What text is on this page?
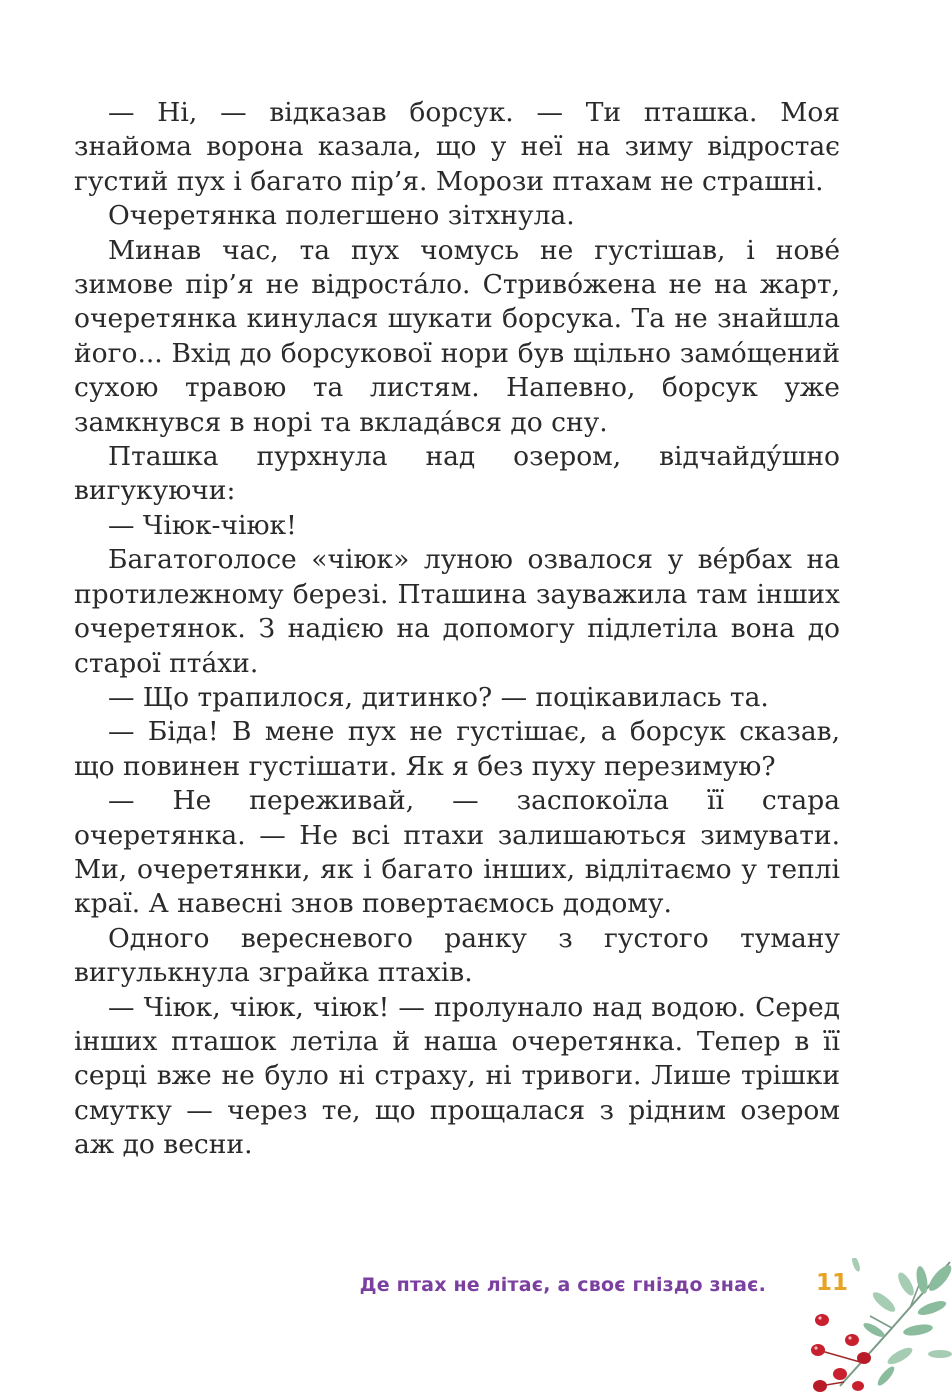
— Ні, — відказав борсук. — Ти пташка. Моя знайома ворона казала, що у неї на зиму відростає густий пух і багато пір’я. Морози птахам не страшні.

Очеретянка полегшено зітхнула.

Минав час, та пух чомусь не густішав, і нове́ зимове пір’я не відроста́ло. Стриво́жена не на жарт, очеретянка кинулася шукати борсука. Та не знайшла його... Вхід до борсукової нори був щільно замо́щений сухою травою та листям. Напевно, борсук уже замкнувся в норі та вклада́вся до сну.

Пташка пурхнула над озером, відчайду́шно вигукуючи:

— Чіюк-чіюк!

Багатоголосе «чіюк» луною озвалося у ве́рбах на протилежному березі. Пташина зауважила там інших очеретянок. З надією на допомогу підлетіла вона до старої пта́хи.

— Що трапилося, дитинко? — поцікавилась та.

— Біда! В мене пух не густішає, а борсук сказав, що повинен густішати. Як я без пуху перезимую?

— Не переживай, — заспокоїла її стара очеретянка. — Не всі птахи залишаються зимувати. Ми, очеретянки, як і багато інших, відлітаємо у теплі краї. А навесні знов повертаємось додому.

Одного вересневого ранку з густого туману вигулькнула зграйка птахів.

— Чіюк, чіюк, чіюк! — пролунало над водою. Серед інших пташок летіла й наша очеретянка. Тепер в її серці вже не було ні страху, ні тривоги. Лише трішки смутку — через те, що прощалася з рідним озером аж до весни.

Де птах не літає, а своє гніздо знає. 11
